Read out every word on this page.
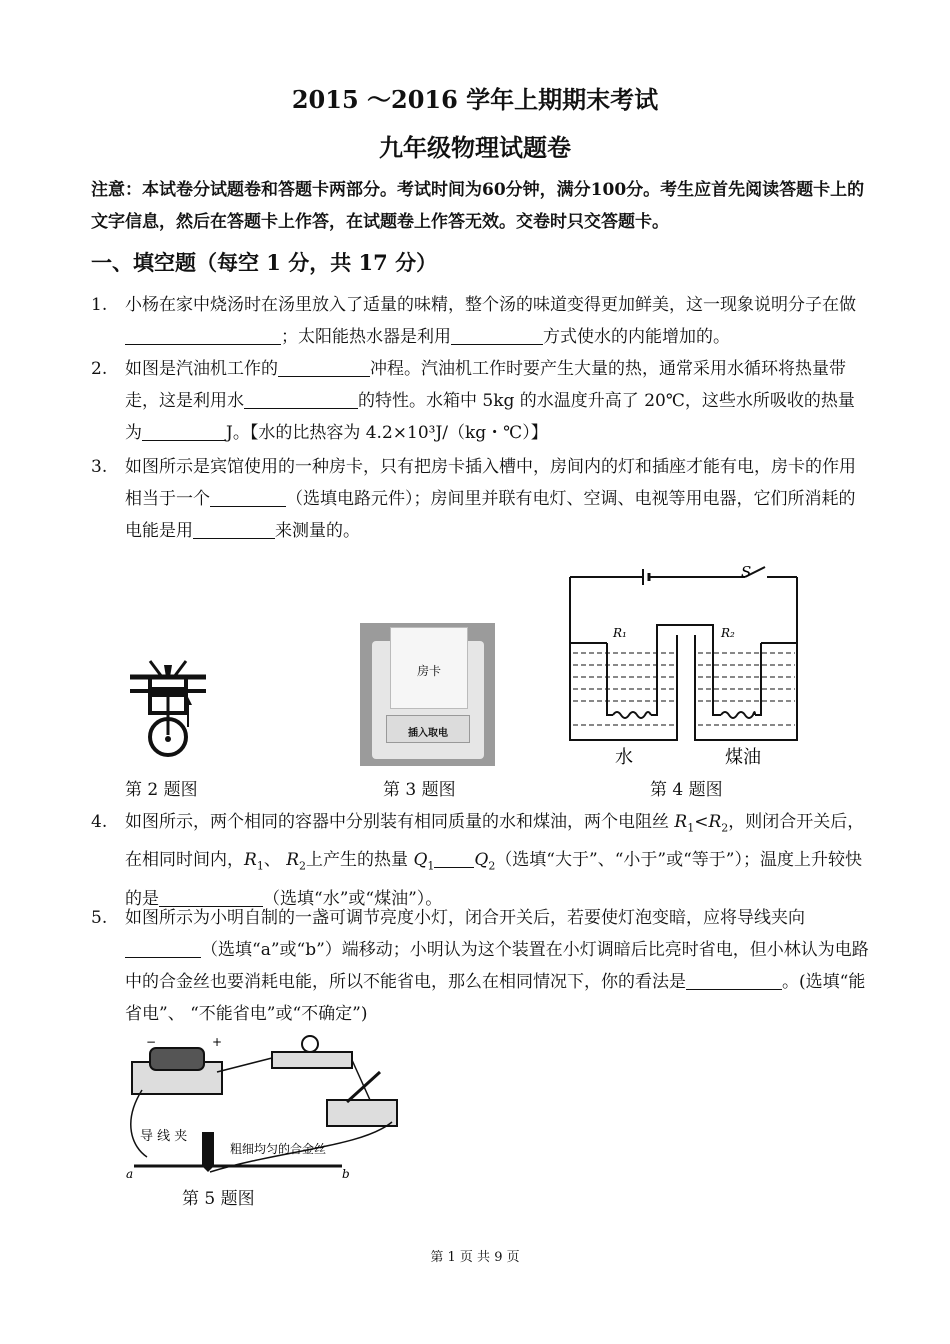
2015 ～2016 学年上期期末考试
九年级物理试题卷
注意：本试卷分试题卷和答题卡两部分。考试时间为60分钟，满分100分。考生应首先阅读答题卡上的文字信息，然后在答题卡上作答，在试题卷上作答无效。交卷时只交答题卡。
一、填空题（每空 1 分，共 17 分）
1. 小杨在家中烧汤时在汤里放入了适量的味精，整个汤的味道变得更加鲜美，这一现象说明分子在做；太阳能热水器是利用	方式使水的内能增加的。
2. 如图是汽油机工作的	冲程。汽油机工作时要产生大量的热，通常采用水循环将热量带走，这是利用水	的特性。水箱中 5kg 的水温度升高了 20℃，这些水所吸收的热量为	J。【水的比热容为 4.2×10³J/（kg・℃）】
3. 如图所示是宾馆使用的一种房卡，只有把房卡插入槽中，房间内的灯和插座才能有电，房卡的作用相当于一个	（选填电路元件）；房间里并联有电灯、空调、电视等用电器，它们所消耗的电能是用	来测量的。
房卡
插入取电
R₁	R₂
S
水	煤油
第 2 题图	第 3 题图	第 4 题图
4. 如图所示，两个相同的容器中分别装有相同质量的水和煤油，两个电阻丝 $R_1<R_2$，则闭合开关后，在相同时间内，$R_1$、 $R_2$上产生的热量 $Q_1$ $Q_2$（选填“大于”、“小于”或“等于”）；温度上升较快的是	（选填“水”或“煤油”）。
5. 如图所示为小明自制的一盏可调节亮度小灯，闭合开关后，若要使灯泡变暗，应将导线夹向（选填“a”或“b”）端移动；小明认为这个装置在小灯调暗后比亮时省电，但小林认为电路中的合金丝也要消耗电能，所以不能省电，那么在相同情况下，你的看法是	。(选填“能省电”、 “不能省电”或“不确定”)
−	+
导 线 夹
粗细均匀的合金丝
a	b
第 5 题图
第 1 页 共 9 页
